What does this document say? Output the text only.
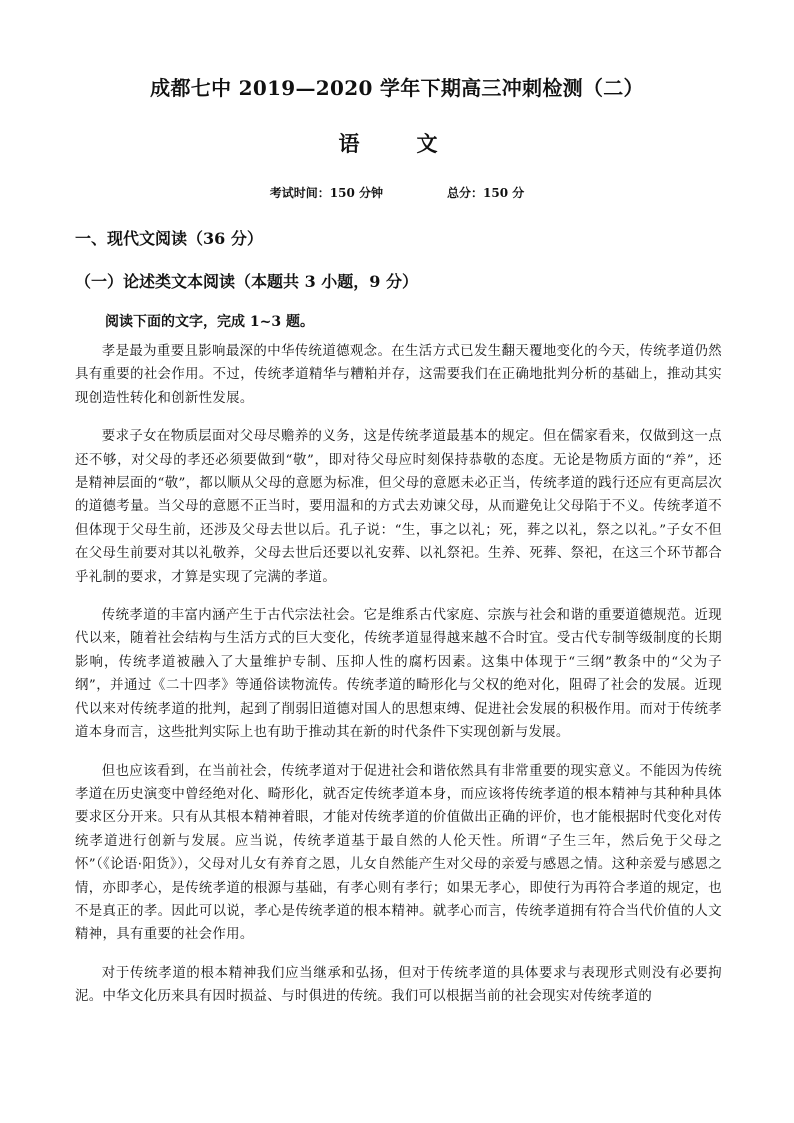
成都七中 2019—2020 学年下期高三冲刺检测（二）
语　文
考试时间：150 分钟	总分：150 分
一、现代文阅读（36 分）
（一）论述类文本阅读（本题共 3 小题，9 分）
阅读下面的文字，完成 1~3 题。

孝是最为重要且影响最深的中华传统道德观念。在生活方式已发生翻天覆地变化的今天，传统孝道仍然具有重要的社会作用。不过，传统孝道精华与糟粕并存，这需要我们在正确地批判分析的基础上，推动其实现创造性转化和创新性发展。

要求子女在物质层面对父母尽赡养的义务，这是传统孝道最基本的规定。但在儒家看来，仅做到这一点还不够，对父母的孝还必须要做到“敬”，即对待父母应时刻保持恭敬的态度。无论是物质方面的“养”，还是精神层面的“敬”，都以顺从父母的意愿为标准，但父母的意愿未必正当，传统孝道的践行还应有更高层次的道德考量。当父母的意愿不正当时，要用温和的方式去劝谏父母，从而避免让父母陷于不义。传统孝道不但体现于父母生前，还涉及父母去世以后。孔子说：“生，事之以礼；死，葬之以礼，祭之以礼。”子女不但在父母生前要对其以礼敬养，父母去世后还要以礼安葬、以礼祭祀。生养、死葬、祭祀，在这三个环节都合乎礼制的要求，才算是实现了完满的孝道。

传统孝道的丰富内涵产生于古代宗法社会。它是维系古代家庭、宗族与社会和谐的重要道德规范。近现代以来，随着社会结构与生活方式的巨大变化，传统孝道显得越来越不合时宜。受古代专制等级制度的长期影响，传统孝道被融入了大量维护专制、压抑人性的腐朽因素。这集中体现于“三纲”教条中的“父为子纲”，并通过《二十四孝》等通俗读物流传。传统孝道的畸形化与父权的绝对化，阻碍了社会的发展。近现代以来对传统孝道的批判，起到了削弱旧道德对国人的思想束缚、促进社会发展的积极作用。而对于传统孝道本身而言，这些批判实际上也有助于推动其在新的时代条件下实现创新与发展。

但也应该看到，在当前社会，传统孝道对于促进社会和谐依然具有非常重要的现实意义。不能因为传统孝道在历史演变中曾经绝对化、畸形化，就否定传统孝道本身，而应该将传统孝道的根本精神与其种种具体要求区分开来。只有从其根本精神着眼，才能对传统孝道的价值做出正确的评价，也才能根据时代变化对传统孝道进行创新与发展。应当说，传统孝道基于最自然的人伦天性。所谓“子生三年，然后免于父母之怀”（《论语·阳货》），父母对儿女有养育之恩，儿女自然能产生对父母的亲爱与感恩之情。这种亲爱与感恩之情，亦即孝心，是传统孝道的根源与基础，有孝心则有孝行；如果无孝心，即使行为再符合孝道的规定，也不是真正的孝。因此可以说，孝心是传统孝道的根本精神。就孝心而言，传统孝道拥有符合当代价值的人文精神，具有重要的社会作用。

对于传统孝道的根本精神我们应当继承和弘扬，但对于传统孝道的具体要求与表现形式则没有必要拘泥。中华文化历来具有因时损益、与时俱进的传统。我们可以根据当前的社会现实对传统孝道的
